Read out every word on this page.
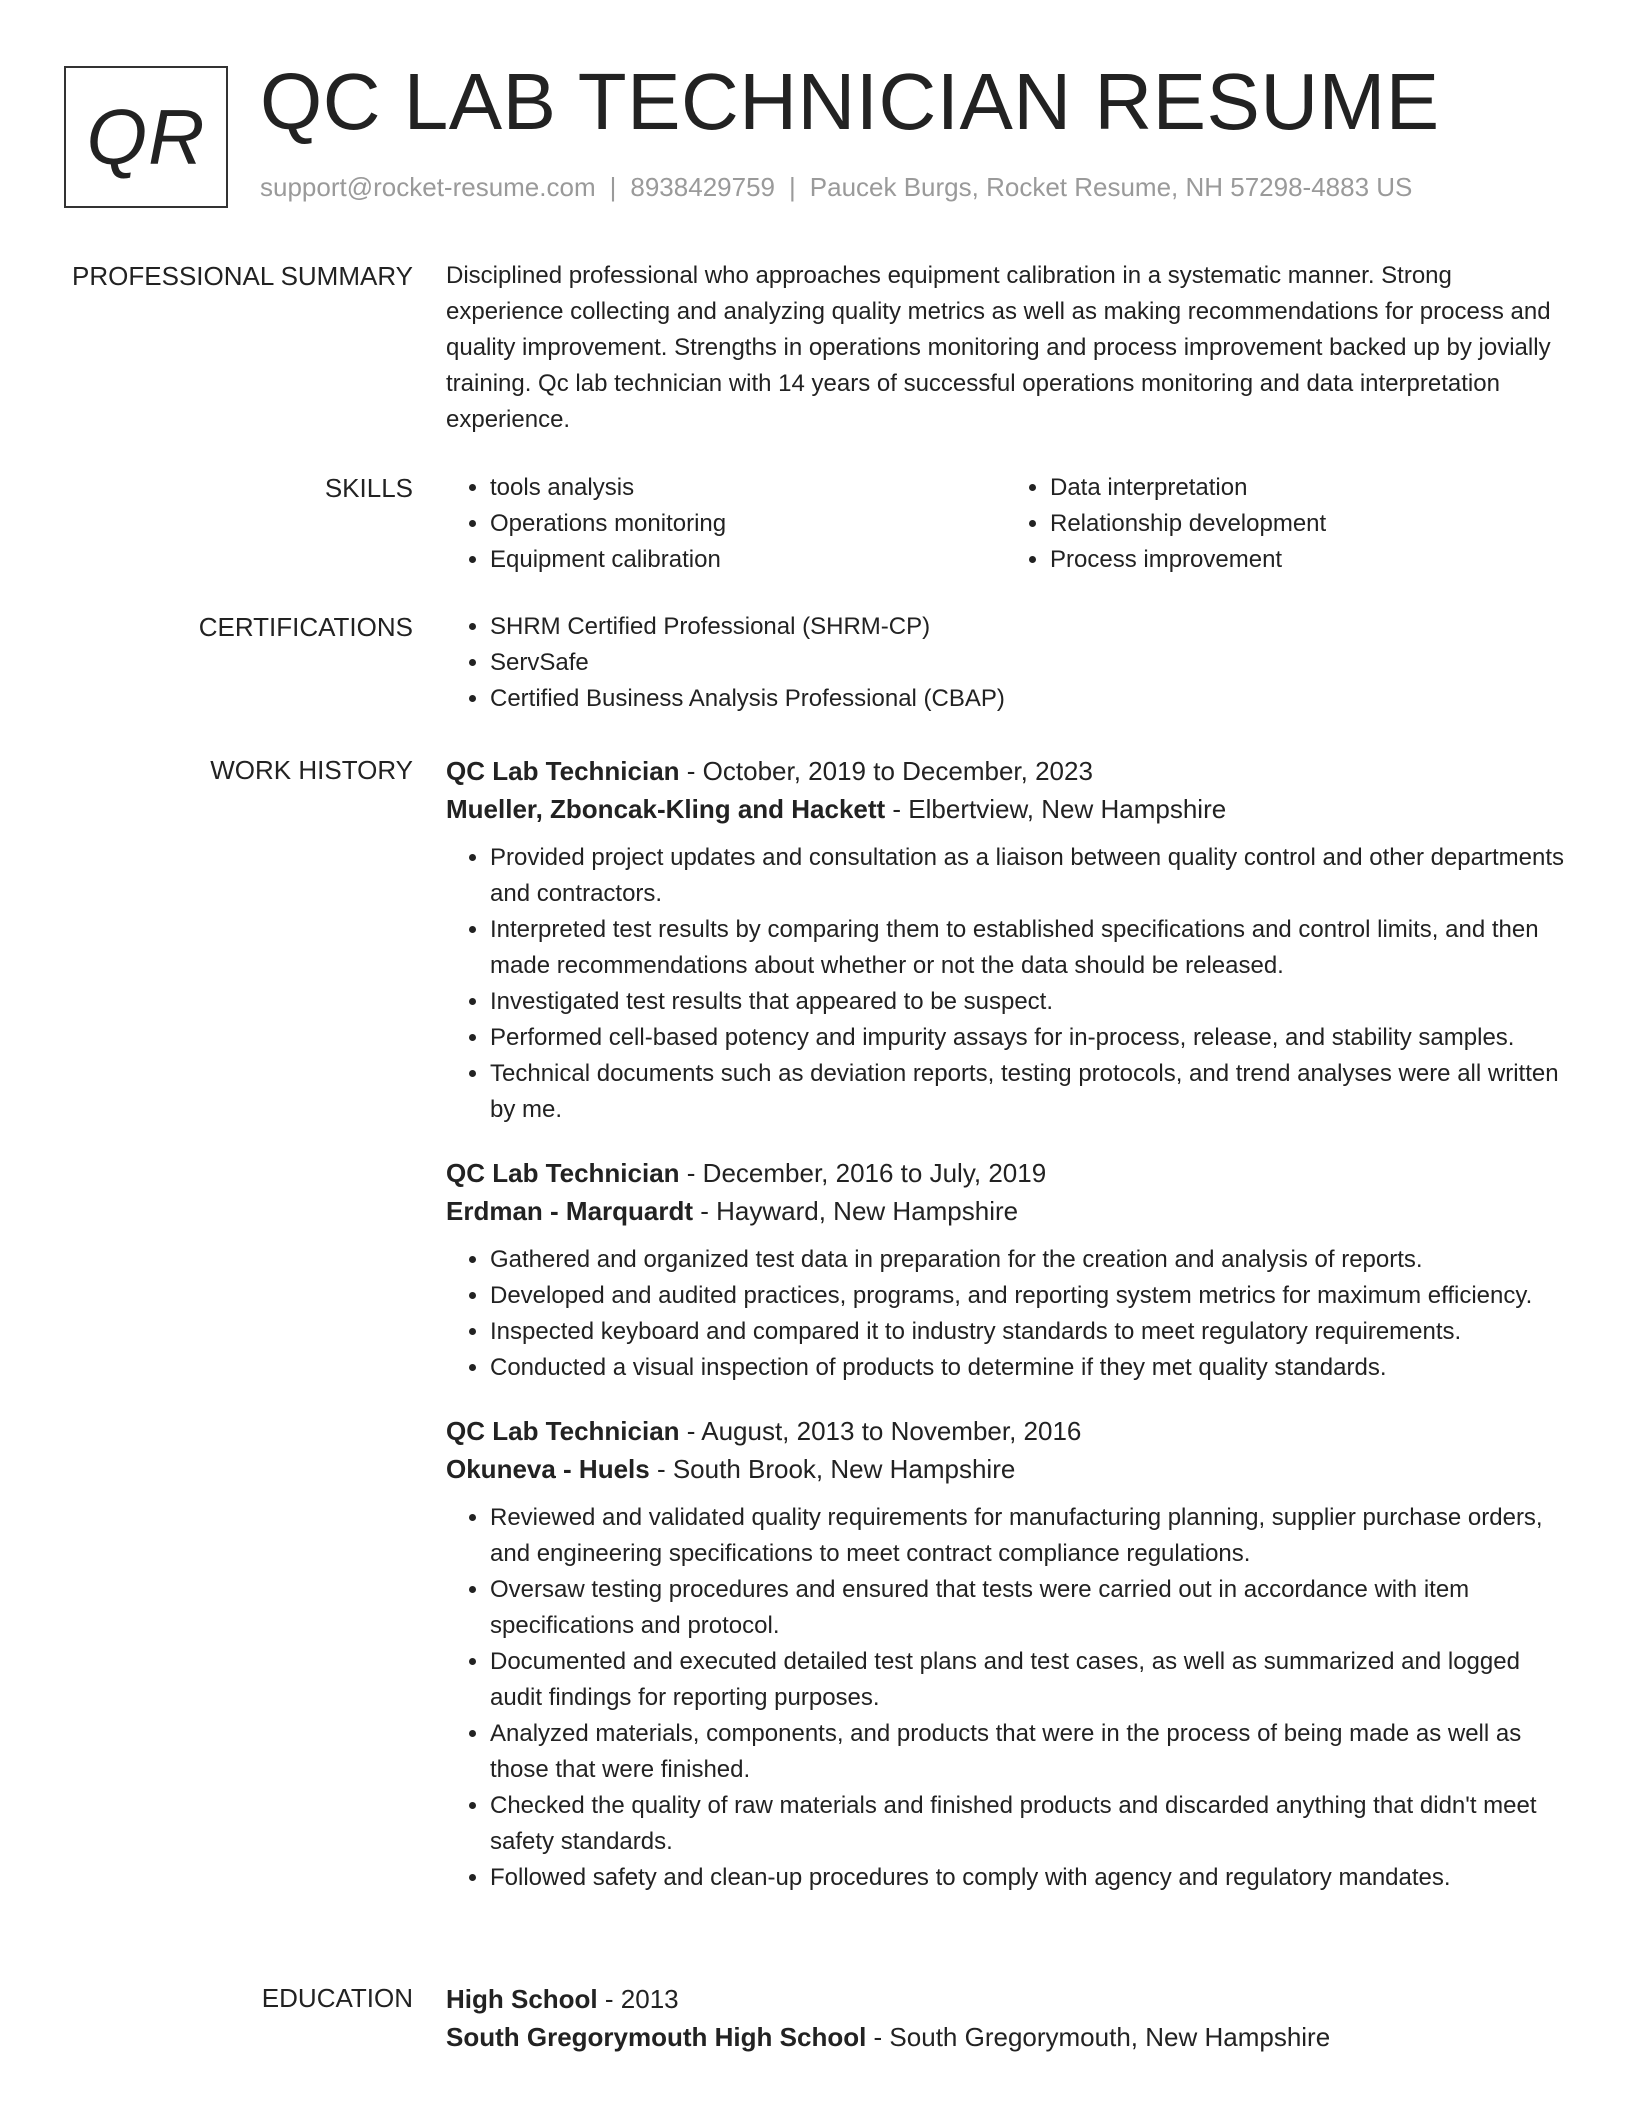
QR QC LAB TECHNICIAN RESUME
support@rocket-resume.com | 8938429759 | Paucek Burgs, Rocket Resume, NH 57298-4883 US
PROFESSIONAL SUMMARY Disciplined professional who approaches equipment calibration in a systematic manner. Strong experience collecting and analyzing quality metrics as well as making recommendations for process and quality improvement. Strengths in operations monitoring and process improvement backed up by jovially training. Qc lab technician with 14 years of successful operations monitoring and data interpretation experience.

SKILLS	• tools analysis
• Operations monitoring
• Equipment calibration
• Data interpretation
• Relationship development
• Process improvement
CERTIFICATIONS	• SHRM Certified Professional (SHRM-CP)
• ServSafe
• Certified Business Analysis Professional (CBAP)
WORK HISTORY QC Lab Technician - October, 2019 to December, 2023
Mueller, Zboncak-Kling and Hackett - Elbertview, New Hampshire
• Provided project updates and consultation as a liaison between quality control and other departments and contractors.
• Interpreted test results by comparing them to established specifications and control limits, and then made recommendations about whether or not the data should be released.
• Investigated test results that appeared to be suspect.
• Performed cell-based potency and impurity assays for in-process, release, and stability samples.
• Technical documents such as deviation reports, testing protocols, and trend analyses were all written by me.
QC Lab Technician - December, 2016 to July, 2019
Erdman - Marquardt - Hayward, New Hampshire
• Gathered and organized test data in preparation for the creation and analysis of reports.
• Developed and audited practices, programs, and reporting system metrics for maximum efficiency.
• Inspected keyboard and compared it to industry standards to meet regulatory requirements.
• Conducted a visual inspection of products to determine if they met quality standards.
QC Lab Technician - August, 2013 to November, 2016
Okuneva - Huels - South Brook, New Hampshire
• Reviewed and validated quality requirements for manufacturing planning, supplier purchase orders, and engineering specifications to meet contract compliance regulations.
• Oversaw testing procedures and ensured that tests were carried out in accordance with item specifications and protocol.
• Documented and executed detailed test plans and test cases, as well as summarized and logged audit findings for reporting purposes.
• Analyzed materials, components, and products that were in the process of being made as well as those that were finished.
• Checked the quality of raw materials and finished products and discarded anything that didn't meet safety standards.
• Followed safety and clean-up procedures to comply with agency and regulatory mandates.
EDUCATION High School - 2013
South Gregorymouth High School - South Gregorymouth, New Hampshire
